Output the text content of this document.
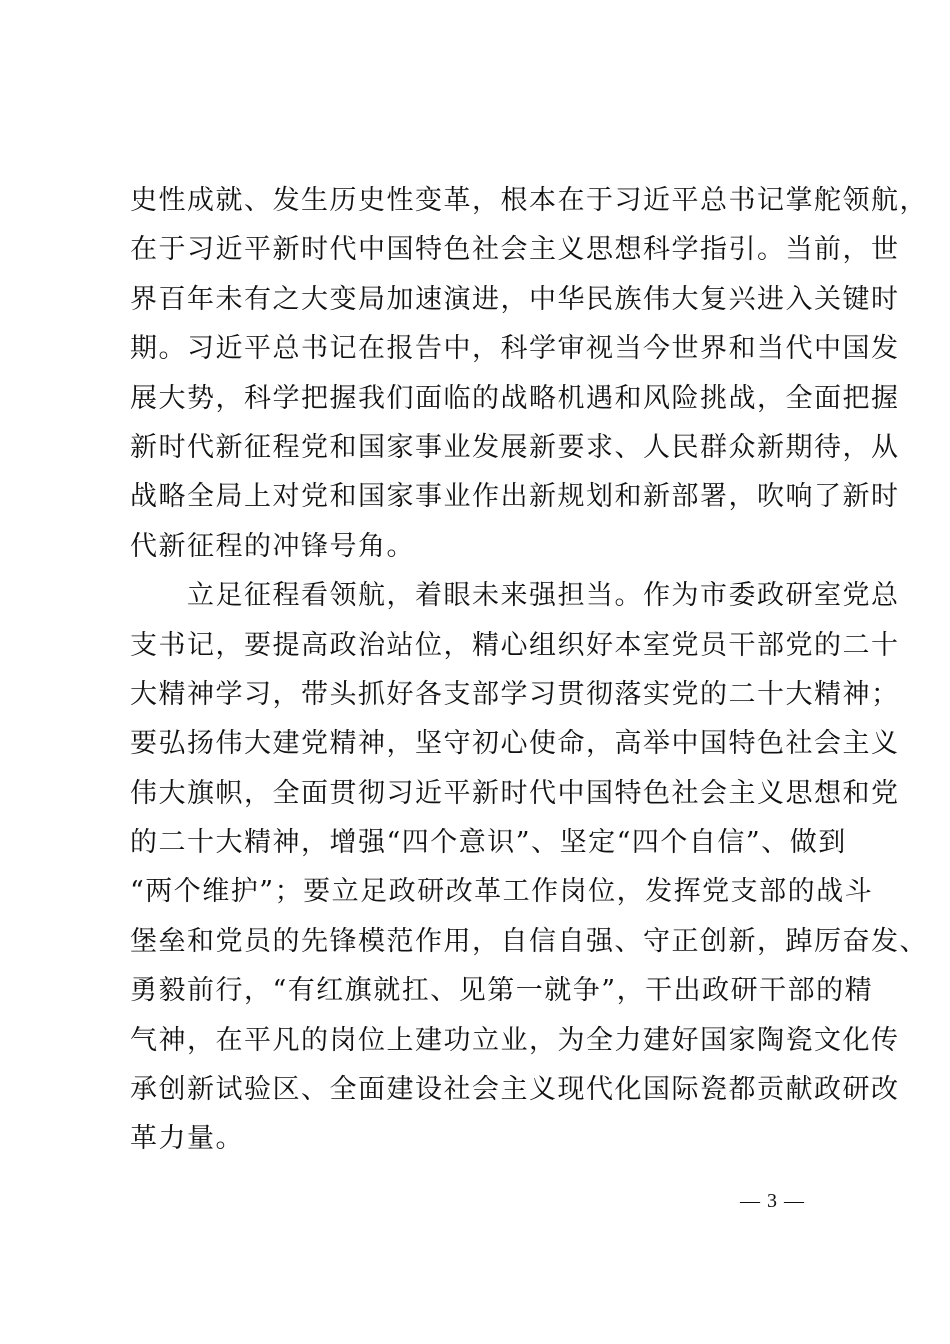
史性成就、发生历史性变革，根本在于习近平总书记掌舵领航，
在于习近平新时代中国特色社会主义思想科学指引。当前，世
界百年未有之大变局加速演进，中华民族伟大复兴进入关键时
期。习近平总书记在报告中，科学审视当今世界和当代中国发
展大势，科学把握我们面临的战略机遇和风险挑战，全面把握
新时代新征程党和国家事业发展新要求、人民群众新期待，从
战略全局上对党和国家事业作出新规划和新部署，吹响了新时
代新征程的冲锋号角。
　　立足征程看领航，着眼未来强担当。作为市委政研室党总
支书记，要提高政治站位，精心组织好本室党员干部党的二十
大精神学习，带头抓好各支部学习贯彻落实党的二十大精神；
要弘扬伟大建党精神，坚守初心使命，高举中国特色社会主义
伟大旗帜，全面贯彻习近平新时代中国特色社会主义思想和党
的二十大精神，增强“四个意识”、坚定“四个自信”、做到
“两个维护”；要立足政研改革工作岗位，发挥党支部的战斗
堡垒和党员的先锋模范作用，自信自强、守正创新，踔厉奋发、
勇毅前行，“有红旗就扛、见第一就争”，干出政研干部的精
气神，在平凡的岗位上建功立业，为全力建好国家陶瓷文化传
承创新试验区、全面建设社会主义现代化国际瓷都贡献政研改
革力量。
— 3 —
